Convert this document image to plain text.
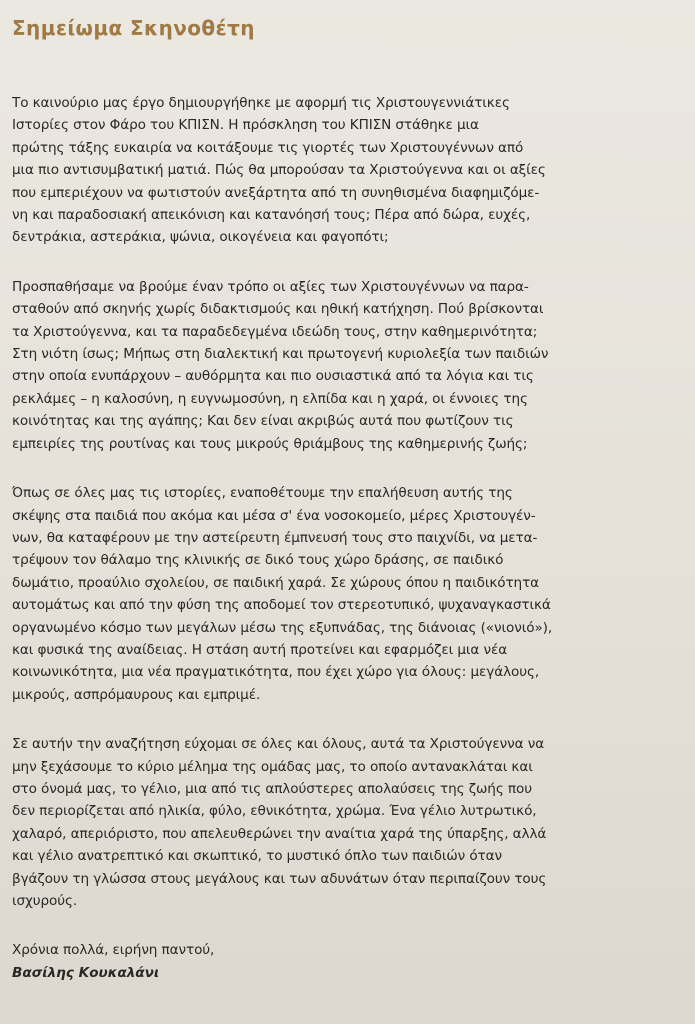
Σημείωμα Σκηνοθέτη

Το καινούριο μας έργο δημιουργήθηκε με αφορμή τις Χριστουγεννιάτικες
Ιστορίες στον Φάρο του ΚΠΙΣΝ. Η πρόσκληση του ΚΠΙΣΝ στάθηκε μια
πρώτης τάξης ευκαιρία να κοιτάξουμε τις γιορτές των Χριστουγέννων από
μια πιο αντισυμβατική ματιά. Πώς θα μπορούσαν τα Χριστούγεννα και οι αξίες
που εμπεριέχουν να φωτιστούν ανεξάρτητα από τη συνηθισμένα διαφημιζόμε-
νη και παραδοσιακή απεικόνιση και κατανόησή τους; Πέρα από δώρα, ευχές,
δεντράκια, αστεράκια, ψώνια, οικογένεια και φαγοπότι;

Προσπαθήσαμε να βρούμε έναν τρόπο οι αξίες των Χριστουγέννων να παρα-
σταθούν από σκηνής χωρίς διδακτισμούς και ηθική κατήχηση. Πού βρίσκονται
τα Χριστούγεννα, και τα παραδεδεγμένα ιδεώδη τους, στην καθημερινότητα;
Στη νιότη ίσως; Μήπως στη διαλεκτική και πρωτογενή κυριολεξία των παιδιών
στην οποία ενυπάρχουν – αυθόρμητα και πιο ουσιαστικά από τα λόγια και τις
ρεκλάμες – η καλοσύνη, η ευγνωμοσύνη, η ελπίδα και η χαρά, οι έννοιες της
κοινότητας και της αγάπης; Και δεν είναι ακριβώς αυτά που φωτίζουν τις
εμπειρίες της ρουτίνας και τους μικρούς θριάμβους της καθημερινής ζωής;

Όπως σε όλες μας τις ιστορίες, εναποθέτουμε την επαλήθευση αυτής της
σκέψης στα παιδιά που ακόμα και μέσα σ' ένα νοσοκομείο, μέρες Χριστουγέν-
νων, θα καταφέρουν με την αστείρευτη έμπνευσή τους στο παιχνίδι, να μετα-
τρέψουν τον θάλαμο της κλινικής σε δικό τους χώρο δράσης, σε παιδικό
δωμάτιο, προαύλιο σχολείου, σε παιδική χαρά. Σε χώρους όπου η παιδικότητα
αυτομάτως και από την φύση της αποδομεί τον στερεοτυπικό, ψυχαναγκαστικά
οργανωμένο κόσμο των μεγάλων μέσω της εξυπνάδας, της διάνοιας («νιονιό»),
και φυσικά της αναίδειας. Η στάση αυτή προτείνει και εφαρμόζει μια νέα
κοινωνικότητα, μια νέα πραγματικότητα, που έχει χώρο για όλους: μεγάλους,
μικρούς, ασπρόμαυρους και εμπριμέ.

Σε αυτήν την αναζήτηση εύχομαι σε όλες και όλους, αυτά τα Χριστούγεννα να
μην ξεχάσουμε το κύριο μέλημα της ομάδας μας, το οποίο αντανακλάται και
στο όνομά μας, το γέλιο, μια από τις απλούστερες απολαύσεις της ζωής που
δεν περιορίζεται από ηλικία, φύλο, εθνικότητα, χρώμα. Ένα γέλιο λυτρωτικό,
χαλαρό, απεριόριστο, που απελευθερώνει την αναίτια χαρά της ύπαρξης, αλλά
και γέλιο ανατρεπτικό και σκωπτικό, το μυστικό όπλο των παιδιών όταν
βγάζουν τη γλώσσα στους μεγάλους και των αδυνάτων όταν περιπαίζουν τους
ισχυρούς.

Χρόνια πολλά, ειρήνη παντού,
Βασίλης Κουκαλάνι
